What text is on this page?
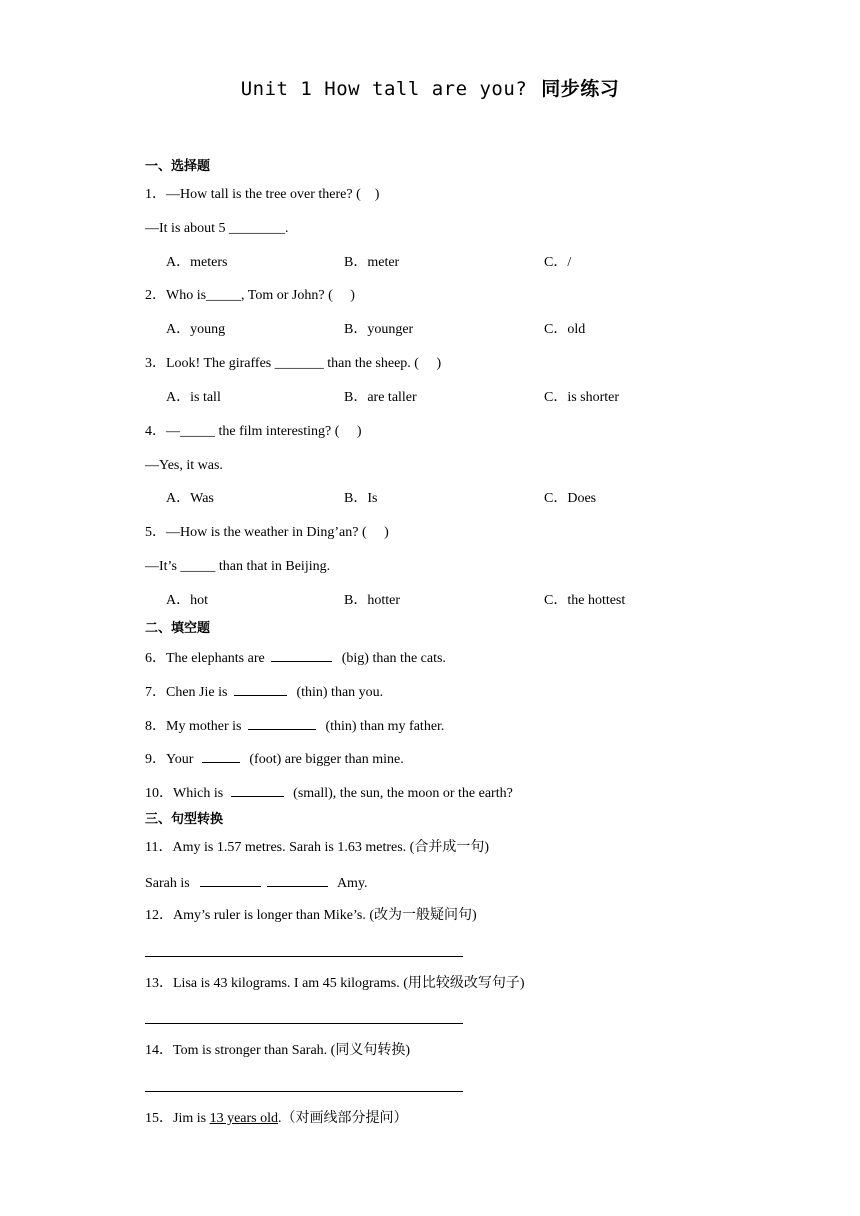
Unit 1 How tall are you? 同步练习
一、选择题
1．—How tall is the tree over there? (　)
—It is about 5 ________.
A．meters	B．meter	C．/
2．Who is_____, Tom or John? (　 )
A．young	B．younger	C．old
3．Look! The giraffes _______ than the sheep. (　 )
A．is tall	B．are taller	C．is shorter
4．—_____ the film interesting? (　 )
—Yes, it was.
A．Was	B．Is	C．Does
5．—How is the weather in Ding’an? (　 )
—It’s _____ than that in Beijing.
A．hot	B．hotter	C．the hottest
二、填空题
6．The elephants are	(big) than the cats.
7．Chen Jie is	(thin) than you.
8．My mother is	(thin) than my father.
9．Your	(foot) are bigger than mine.
10．Which is	(small), the sun, the moon or the earth?
三、句型转换
11．Amy is 1.57 metres. Sarah is 1.63 metres. (合并成一句)
Sarah is	Amy.
12．Amy’s ruler is longer than Mike’s. (改为一般疑问句)
13．Lisa is 43 kilograms. I am 45 kilograms. (用比较级改写句子)
14．Tom is stronger than Sarah. (同义句转换)
15．Jim is 13 years old.（对画线部分提问）
